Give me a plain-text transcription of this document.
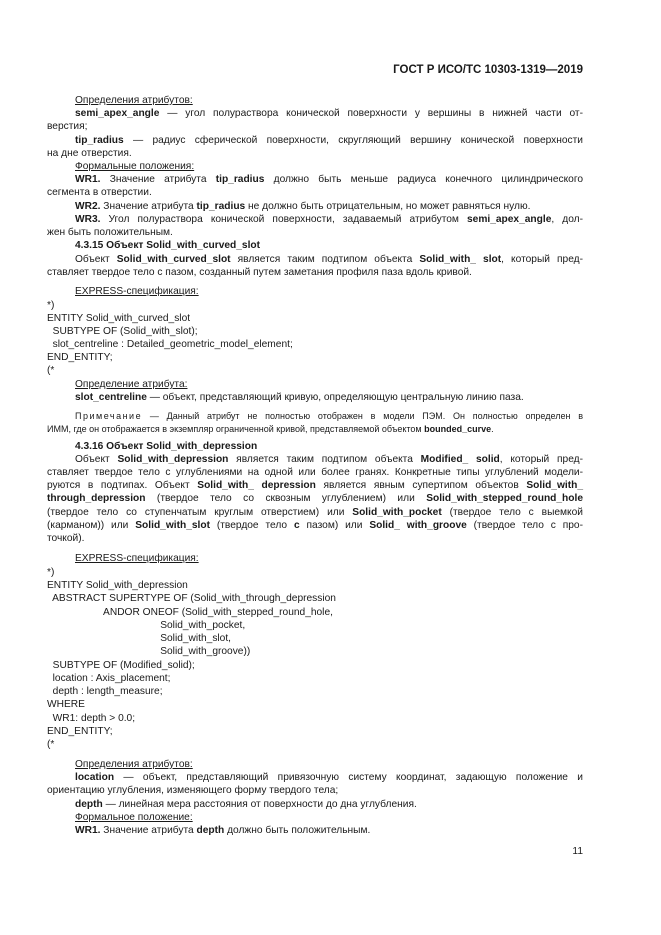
ГОСТ Р ИСО/ТС 10303-1319—2019
Определения атрибутов:
semi_apex_angle — угол полураствора конической поверхности у вершины в нижней части от-
верстия;
tip_radius — радиус сферической поверхности, скругляющий вершину конической поверхности
на дне отверстия.
Формальные положения:
WR1. Значение атрибута tip_radius должно быть меньше радиуса конечного цилиндрического
сегмента в отверстии.
WR2. Значение атрибута tip_radius не должно быть отрицательным, но может равняться нулю.
WR3. Угол полураствора конической поверхности, задаваемый атрибутом semi_apex_angle, дол-
жен быть положительным.
4.3.15 Объект Solid_with_curved_slot
Объект Solid_with_curved_slot является таким подтипом объекта Solid_with_ slot, который пред-
ставляет твердое тело с пазом, созданный путем заметания профиля паза вдоль кривой.
EXPRESS-спецификация:
*)
ENTITY Solid_with_curved_slot
SUBTYPE OF (Solid_with_slot);
slot_centreline : Detailed_geometric_model_element;
END_ENTITY;
(*
Определение атрибута:
slot_centreline — объект, представляющий кривую, определяющую центральную линию паза.
Примечание — Данный атрибут не полностью отображен в модели ПЭМ. Он полностью определен в
ИММ, где он отображается в экземпляр ограниченной кривой, представляемой объектом bounded_curve.
4.3.16 Объект Solid_with_depression
Объект Solid_with_depression является таким подтипом объекта Modified_ solid, который пред-
ставляет твердое тело с углублениями на одной или более гранях. Конкретные типы углублений модели-
руются в подтипах. Объект Solid_with_ depression является явным супертипом объектов Solid_with_
through_depression (твердое тело со сквозным углублением) или Solid_with_stepped_round_hole
(твердое тело со ступенчатым круглым отверстием) или Solid_with_pocket (твердое тело с выемкой
(карманом)) или Solid_with_slot (твердое тело с пазом) или Solid_ with_groove (твердое тело с про-
точкой).
EXPRESS-спецификация:
*)
ENTITY Solid_with_depression
ABSTRACT SUPERTYPE OF (Solid_with_through_depression
ANDOR ONEOF (Solid_with_stepped_round_hole,
Solid_with_pocket,
Solid_with_slot,
Solid_with_groove))
SUBTYPE OF (Modified_solid);
location : Axis_placement;
depth : length_measure;
WHERE
WR1: depth > 0.0;
END_ENTITY;
(*
Определения атрибутов:
location — объект, представляющий привязочную систему координат, задающую положение и
ориентацию углубления, изменяющего форму твердого тела;
depth — линейная мера расстояния от поверхности до дна углубления.
Формальное положение:
WR1. Значение атрибута depth должно быть положительным.
11
